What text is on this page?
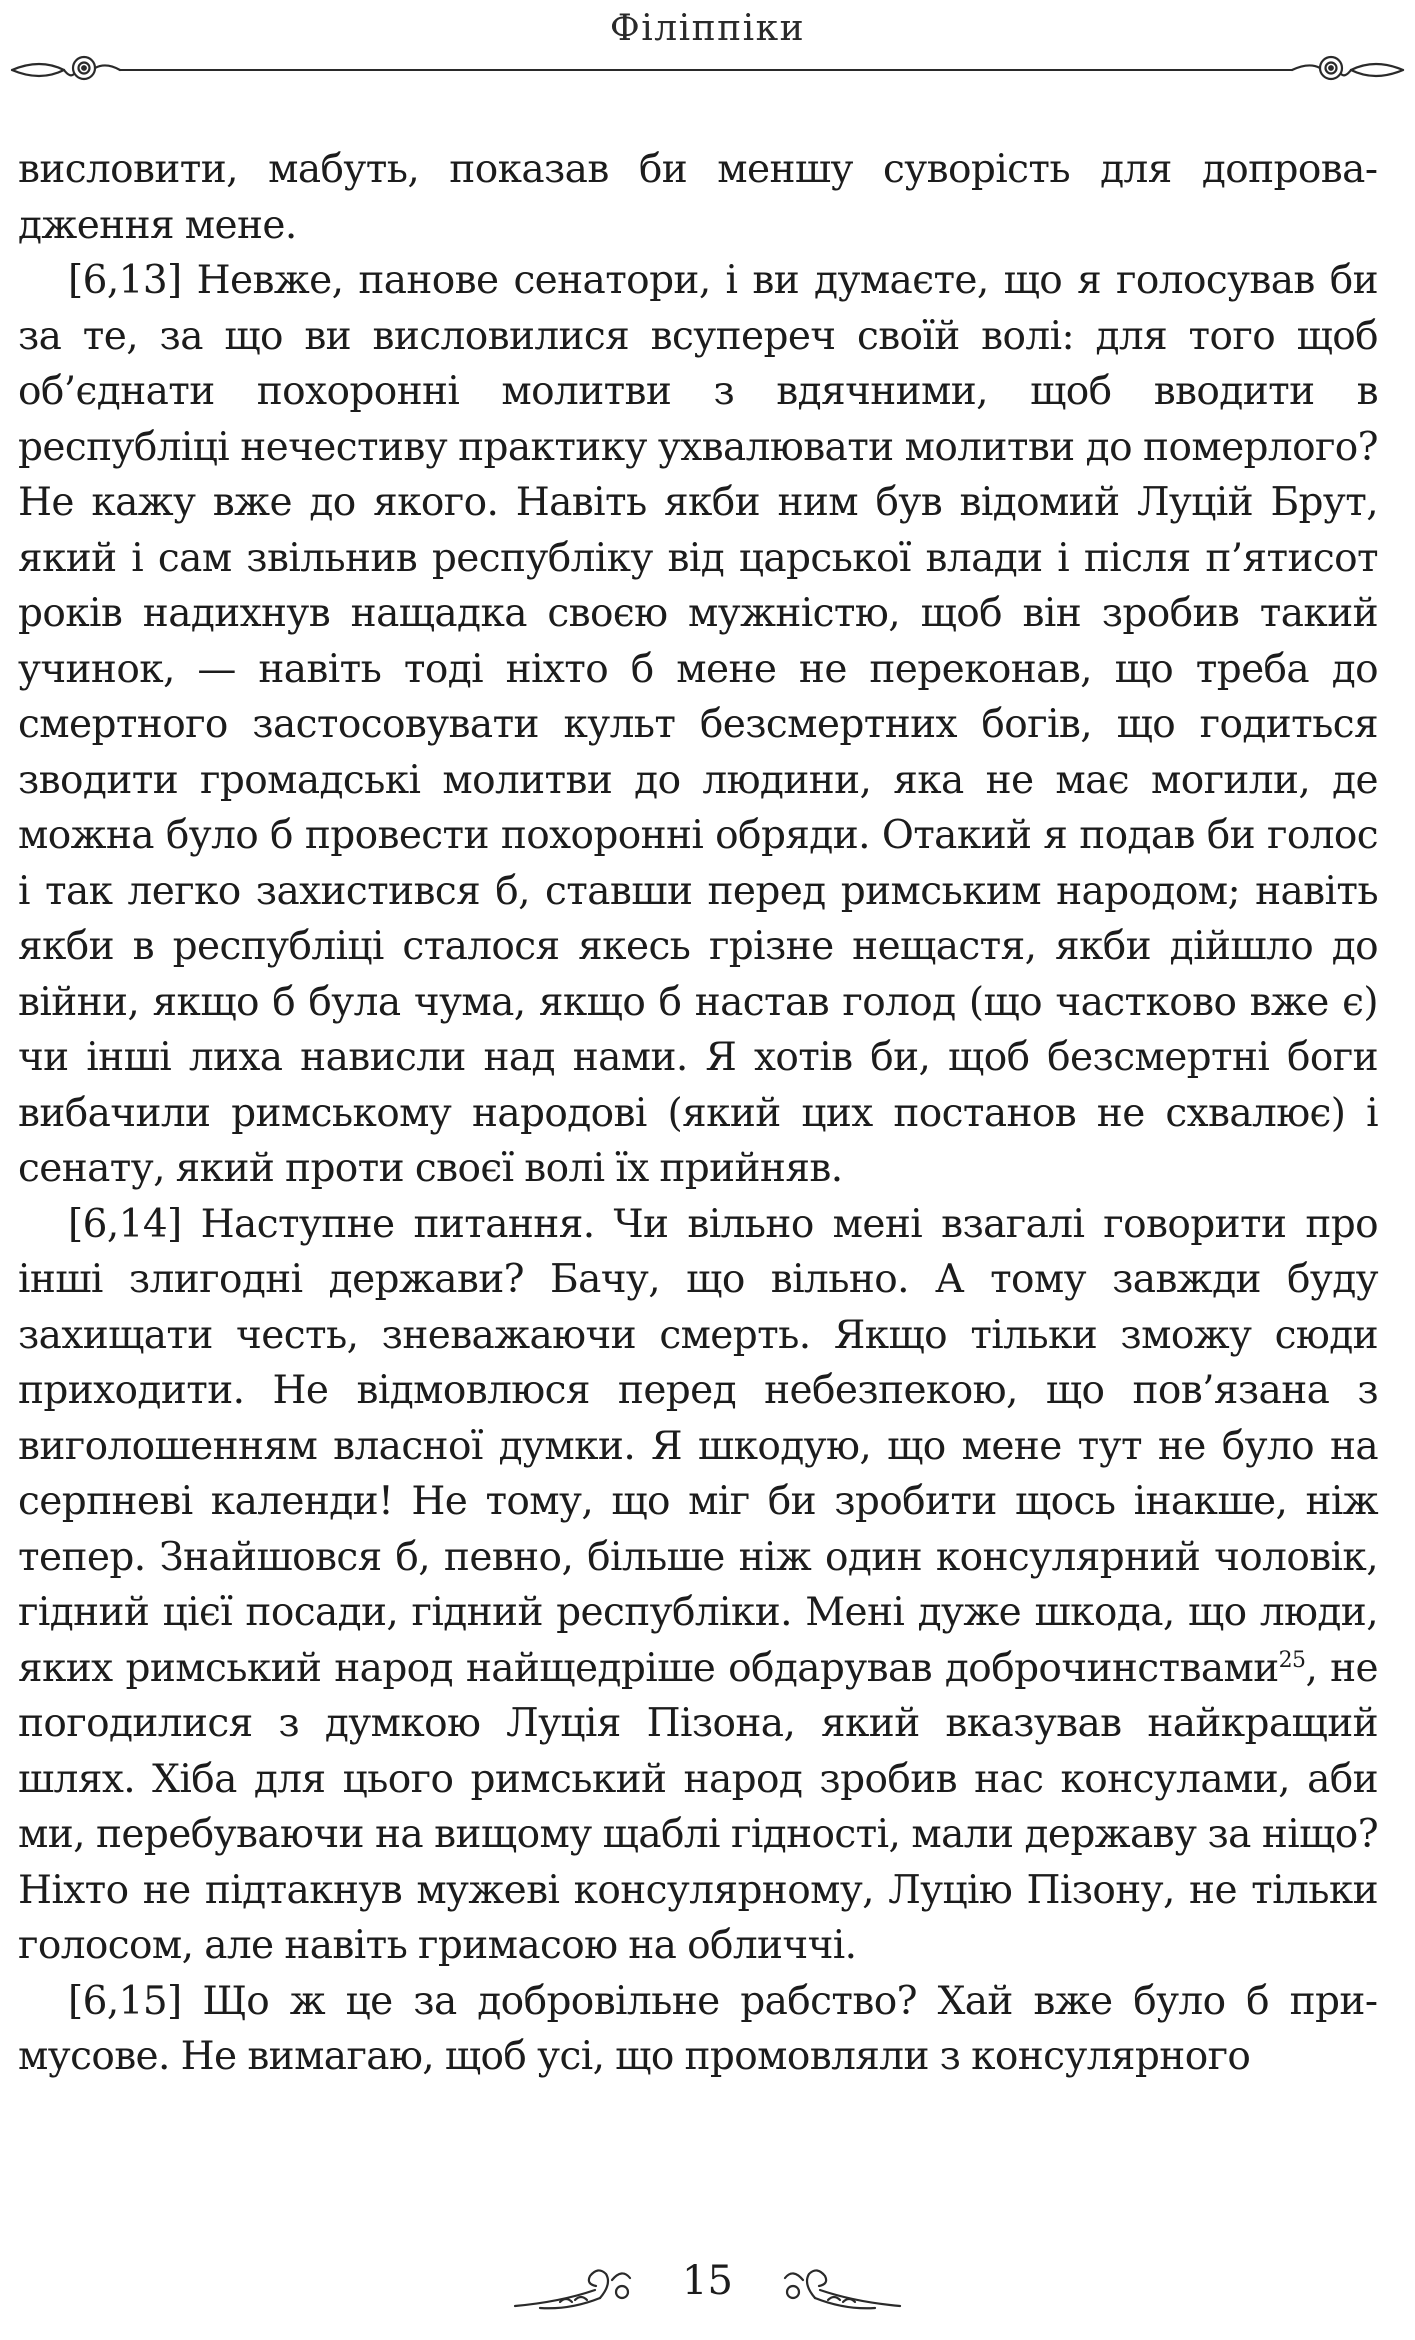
Філіппіки

висловити, мабуть, показав би меншу суворість для допровадження мене.

[6,13] Невже, панове сенатори, і ви думаєте, що я голосував би за те, за що ви висловилися всупереч своїй волі: для того щоб об’єднати похоронні молитви з вдячними, щоб вводити в республіці нечестиву практику ухвалювати молитви до померлого? Не кажу вже до якого. Навіть якби ним був відомий Луцій Брут, який і сам звільнив республіку від царської влади і після п’ятисот років надихнув нащадка своєю мужністю, щоб він зробив такий учинок, — навіть тоді ніхто б мене не переконав, що треба до смертного застосовувати культ безсмертних богів, що годиться зводити громадські молитви до людини, яка не має могили, де можна було б провести похоронні обряди. Отакий я подав би голос і так легко захистився б, ставши перед римським народом; навіть якби в республіці сталося якесь грізне нещастя, якби дійшло до війни, якщо б була чума, якщо б настав голод (що частково вже є) чи інші лиха нависли над нами. Я хотів би, щоб безсмертні боги вибачили римському народові (який цих постанов не схвалює) і сенату, який проти своєї волі їх прийняв.

[6,14] Наступне питання. Чи вільно мені взагалі говорити про інші злигодні держави? Бачу, що вільно. А тому завжди буду захищати честь, зневажаючи смерть. Якщо тільки зможу сюди приходити. Не відмовлюся перед небезпекою, що пов’язана з виголошенням власної думки. Я шкодую, що мене тут не було на серпневі календи! Не тому, що міг би зробити щось інакше, ніж тепер. Знайшовся б, певно, більше ніж один консулярний чоловік, гідний цієї посади, гідний республіки. Мені дуже шкода, що люди, яких римський народ найщедріше обдарував доброчинствами$^{25}$, не погодилися з думкою Луція Пізона, який вказував найкращий шлях. Хіба для цього римський народ зробив нас консулами, аби ми, перебуваючи на вищому щаблі гідності, мали державу за ніщо? Ніхто не підтакнув мужеві консулярному, Луцію Пізону, не тільки голосом, але навіть гримасою на обличчі.

[6,15] Що ж це за добровільне рабство? Хай вже було б примусове. Не вимагаю, щоб усі, що промовляли з консулярного

15
